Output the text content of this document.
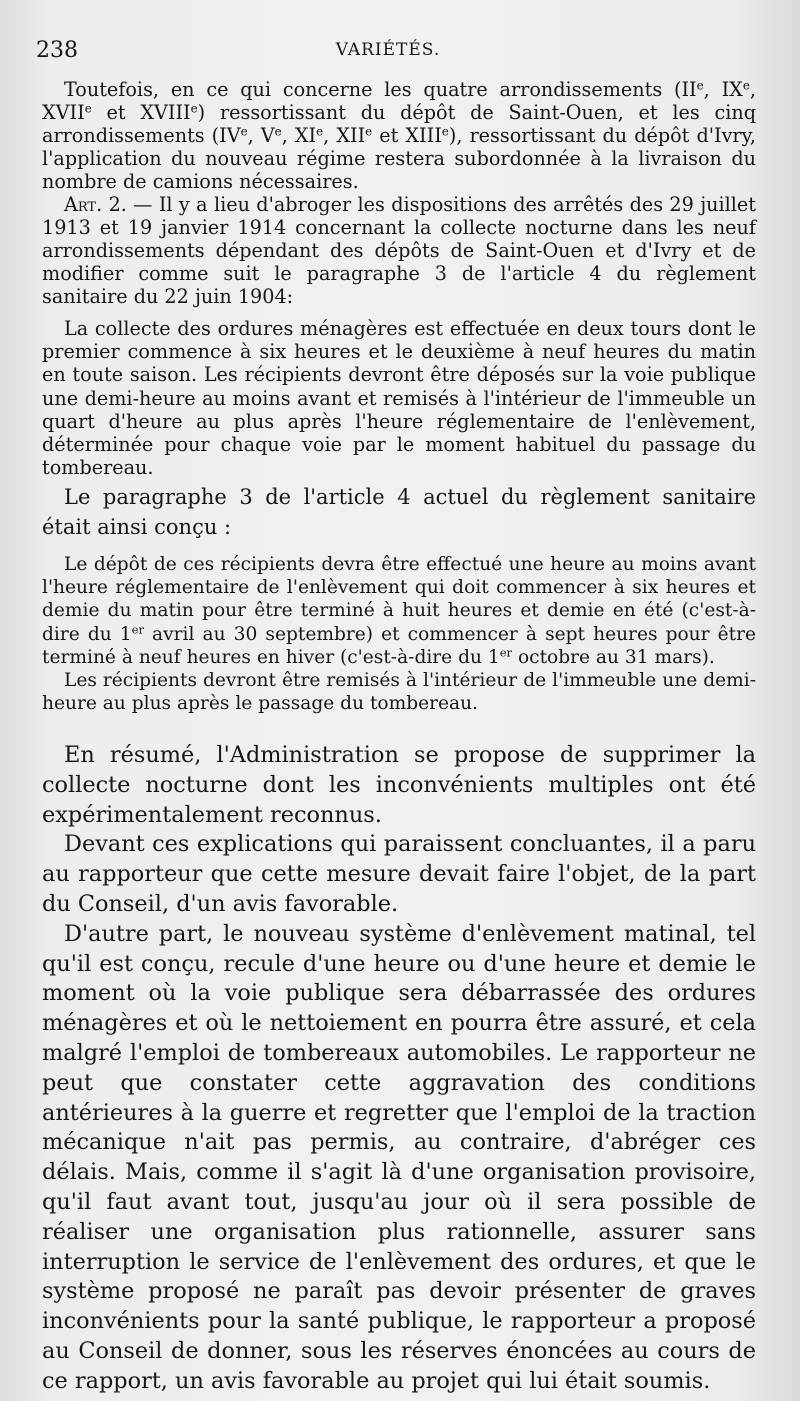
238	VARIÉTÉS.

Toutefois, en ce qui concerne les quatre arrondissements (IIe, IXe, XVIIe et XVIIIe) ressortissant du dépôt de Saint-Ouen, et les cinq arrondissements (IVe, Ve, XIe, XIIe et XIIIe), ressortissant du dépôt d'Ivry, l'application du nouveau régime restera subordonnée à la livraison du nombre de camions nécessaires.

Art. 2. — Il y a lieu d'abroger les dispositions des arrêtés des 29 juillet 1913 et 19 janvier 1914 concernant la collecte nocturne dans les neuf arrondissements dépendant des dépôts de Saint-Ouen et d'Ivry et de modifier comme suit le paragraphe 3 de l'article 4 du règlement sanitaire du 22 juin 1904:

La collecte des ordures ménagères est effectuée en deux tours dont le premier commence à six heures et le deuxième à neuf heures du matin en toute saison. Les récipients devront être déposés sur la voie publique une demi-heure au moins avant et remisés à l'intérieur de l'immeuble un quart d'heure au plus après l'heure réglementaire de l'enlèvement, déterminée pour chaque voie par le moment habituel du passage du tombereau.

Le paragraphe 3 de l'article 4 actuel du règlement sanitaire était ainsi conçu :

Le dépôt de ces récipients devra être effectué une heure au moins avant l'heure réglementaire de l'enlèvement qui doit commencer à six heures et demie du matin pour être terminé à huit heures et demie en été (c'est-à-dire du 1er avril au 30 septembre) et commencer à sept heures pour être terminé à neuf heures en hiver (c'est-à-dire du 1er octobre au 31 mars).

Les récipients devront être remisés à l'intérieur de l'immeuble une demi-heure au plus après le passage du tombereau.

En résumé, l'Administration se propose de supprimer la collecte nocturne dont les inconvénients multiples ont été expérimentalement reconnus.

Devant ces explications qui paraissent concluantes, il a paru au rapporteur que cette mesure devait faire l'objet, de la part du Conseil, d'un avis favorable.

D'autre part, le nouveau système d'enlèvement matinal, tel qu'il est conçu, recule d'une heure ou d'une heure et demie le moment où la voie publique sera débarrassée des ordures ménagères et où le nettoiement en pourra être assuré, et cela malgré l'emploi de tombereaux automobiles. Le rapporteur ne peut que constater cette aggravation des conditions antérieures à la guerre et regretter que l'emploi de la traction mécanique n'ait pas permis, au contraire, d'abréger ces délais. Mais, comme il s'agit là d'une organisation provisoire, qu'il faut avant tout, jusqu'au jour où il sera possible de réaliser une organisation plus rationnelle, assurer sans interruption le service de l'enlèvement des ordures, et que le système proposé ne paraît pas devoir présenter de graves inconvénients pour la santé publique, le rapporteur a proposé au Conseil de donner, sous les réserves énoncées au cours de ce rapport, un avis favorable au projet qui lui était soumis.
